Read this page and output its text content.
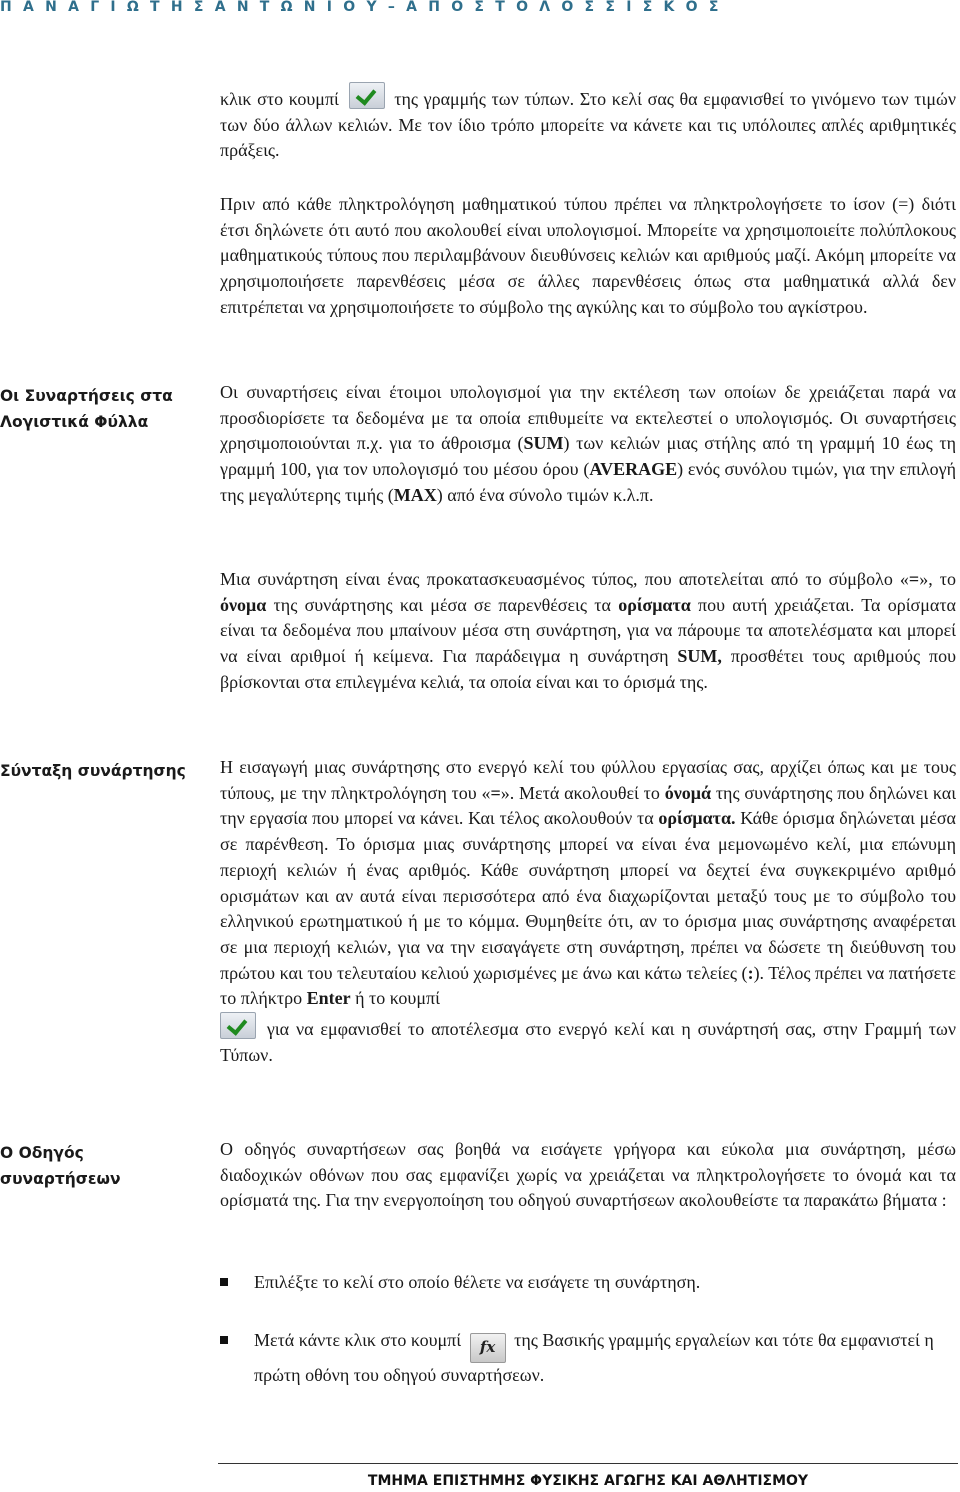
Π Α Ν Α Γ Ι Ω Τ Η Σ Α Ν Τ Ω Ν Ι Ο Υ – Α Π Ο Σ Τ Ο Λ Ο Σ Σ Ι Σ Κ Ο Σ
κλικ στο κουμπί	της γραμμής των τύπων. Στο κελί σας θα εμφανισθεί το γινόμενο των τιμών των δύο άλλων κελιών. Με τον ίδιο τρόπο μπορείτε να κάνετε και τις υπόλοιπες απλές αριθμητικές πράξεις.
Πριν από κάθε πληκτρολόγηση μαθηματικού τύπου πρέπει να πληκτρολογήσετε το ίσον (=) διότι έτσι δηλώνετε ότι αυτό που ακολουθεί είναι υπολογισμοί. Μπορείτε να χρησιμοποιείτε πολύπλοκους μαθηματικούς τύπους που περιλαμβάνουν διευθύνσεις κελιών και αριθμούς μαζί. Ακόμη μπορείτε να χρησιμοποιήσετε παρενθέσεις μέσα σε άλλες παρενθέσεις όπως στα μαθηματικά αλλά δεν επιτρέπεται να χρησιμοποιήσετε το σύμβολο της αγκύλης και το σύμβολο του αγκίστρου.
Οι Συναρτήσεις στα Λογιστικά Φύλλα
Οι συναρτήσεις είναι έτοιμοι υπολογισμοί για την εκτέλεση των οποίων δε χρειάζεται παρά να προσδιορίσετε τα δεδομένα με τα οποία επιθυμείτε να εκτελεστεί ο υπολογισμός. Οι συναρτήσεις χρησιμοποιούνται π.χ. για το άθροισμα (SUM) των κελιών μιας στήλης από τη γραμμή 10 έως τη γραμμή 100, για τον υπολογισμό του μέσου όρου (AVERAGE) ενός συνόλου τιμών, για την επιλογή της μεγαλύτερης τιμής (MAX) από ένα σύνολο τιμών κ.λ.π.
Μια συνάρτηση είναι ένας προκατασκευασμένος τύπος, που αποτελείται από το σύμβολο «=», το όνομα της συνάρτησης και μέσα σε παρενθέσεις τα ορίσματα που αυτή χρειάζεται. Τα ορίσματα είναι τα δεδομένα που μπαίνουν μέσα στη συνάρτηση, για να πάρουμε τα αποτελέσματα και μπορεί να είναι αριθμοί ή κείμενα. Για παράδειγμα η συνάρτηση SUM, προσθέτει τους αριθμούς που βρίσκονται στα επιλεγμένα κελιά, τα οποία είναι και το όρισμά της.
Σύνταξη συνάρτησης	Η εισαγωγή μιας συνάρτησης στο ενεργό κελί του φύλλου εργασίας σας, αρχίζει όπως και με τους τύπους, με την πληκτρολόγηση του «=». Μετά ακολουθεί το όνομά της συνάρτησης που δηλώνει και την εργασία που μπορεί να κάνει. Και τέλος ακολουθούν τα ορίσματα. Κάθε όρισμα δηλώνεται μέσα σε παρένθεση. Το όρισμα μιας συνάρτησης μπορεί να είναι ένα μεμονωμένο κελί, μια επώνυμη περιοχή κελιών ή ένας αριθμός. Κάθε συνάρτηση μπορεί να δεχτεί ένα συγκεκριμένο αριθμό ορισμάτων και αν αυτά είναι περισσότερα από ένα διαχωρίζονται μεταξύ τους με το σύμβολο του ελληνικού ερωτηματικού ή με το κόμμα. Θυμηθείτε ότι, αν το όρισμα μιας συνάρτησης αναφέρεται σε μια περιοχή κελιών, για να την εισαγάγετε στη συνάρτηση, πρέπει να δώσετε τη διεύθυνση του πρώτου και του τελευταίου κελιού χωρισμένες με άνω και κάτω τελείες (:). Τέλος πρέπει να πατήσετε το πλήκτρο Enter ή το κουμπί
για να εμφανισθεί το αποτέλεσμα στο ενεργό κελί και η συνάρτησή σας, στην Γραμμή των Τύπων.
Ο Οδηγός συναρτήσεων
Ο οδηγός συναρτήσεων σας βοηθά να εισάγετε γρήγορα και εύκολα μια συνάρτηση, μέσω διαδοχικών οθόνων που σας εμφανίζει χωρίς να χρειάζεται να πληκτρολογήσετε το όνομά και τα ορίσματά της. Για την ενεργοποίηση του οδηγού συναρτήσεων ακολουθείστε τα παρακάτω βήματα :
Επιλέξτε το κελί στο οποίο θέλετε να εισάγετε τη συνάρτηση.
Μετά κάντε κλικ στο κουμπί fx της Βασικής γραμμής εργαλείων και τότε θα εμφανιστεί η πρώτη οθόνη του οδηγού συναρτήσεων.
ΤΜΗΜΑ ΕΠΙΣΤΗΜΗΣ ΦΥΣΙΚΗΣ ΑΓΩΓΗΣ ΚΑΙ ΑΘΛΗΤΙΣΜΟΥ
